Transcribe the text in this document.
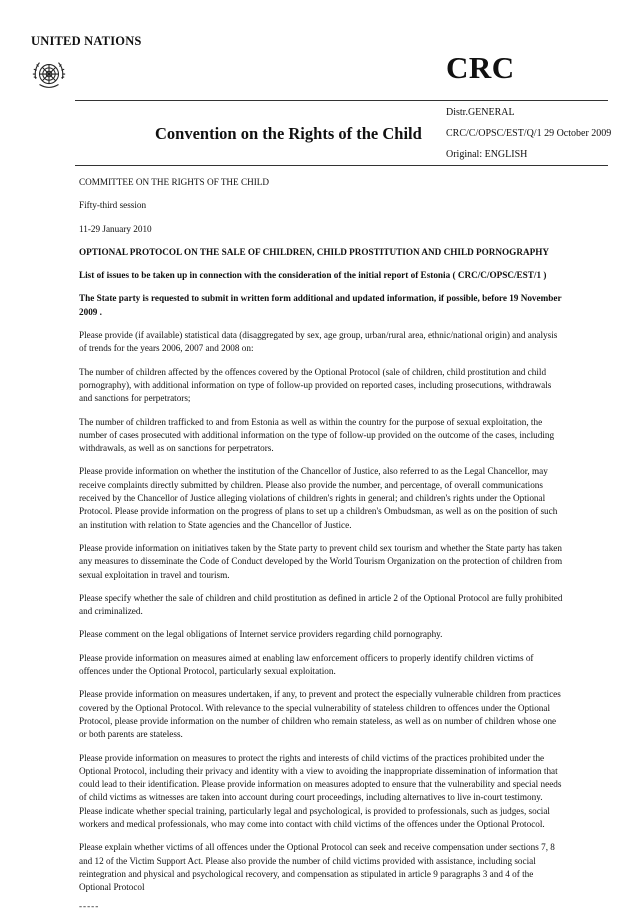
UNITED NATIONS
CRC
Convention on the Rights of the Child
Distr.GENERAL
CRC/C/OPSC/EST/Q/1 29 October 2009
Original: ENGLISH

COMMITTEE ON THE RIGHTS OF THE CHILD

Fifty-third session

11-29 January 2010

OPTIONAL PROTOCOL ON THE SALE OF CHILDREN, CHILD PROSTITUTION AND CHILD PORNOGRAPHY

List of issues to be taken up in connection with the consideration of the initial report of Estonia ( CRC/C/OPSC/EST/1 )

The State party is requested to submit in written form additional and updated information, if possible, before 19 November 2009 .

Please provide (if available) statistical data (disaggregated by sex, age group, urban/rural area, ethnic/national origin) and analysis of trends for the years 2006, 2007 and 2008 on:

The number of children affected by the offences covered by the Optional Protocol (sale of children, child prostitution and child pornography), with additional information on type of follow-up provided on reported cases, including prosecutions, withdrawals and sanctions for perpetrators;

The number of children trafficked to and from Estonia as well as within the country for the purpose of sexual exploitation, the number of cases prosecuted with additional information on the type of follow-up provided on the outcome of the cases, including withdrawals, as well as on sanctions for perpetrators.

Please provide information on whether the institution of the Chancellor of Justice, also referred to as the Legal Chancellor, may receive complaints directly submitted by children. Please also provide the number, and percentage, of overall communications received by the Chancellor of Justice alleging violations of children's rights in general; and children's rights under the Optional Protocol. Please provide information on the progress of plans to set up a children's Ombudsman, as well as on the position of such an institution with relation to State agencies and the Chancellor of Justice.

Please provide information on initiatives taken by the State party to prevent child sex tourism and whether the State party has taken any measures to disseminate the Code of Conduct developed by the World Tourism Organization on the protection of children from sexual exploitation in travel and tourism.

Please specify whether the sale of children and child prostitution as defined in article 2 of the Optional Protocol are fully prohibited and criminalized.

Please comment on the legal obligations of Internet service providers regarding child pornography.

Please provide information on measures aimed at enabling law enforcement officers to properly identify children victims of offences under the Optional Protocol, particularly sexual exploitation.

Please provide information on measures undertaken, if any, to prevent and protect the especially vulnerable children from practices covered by the Optional Protocol. With relevance to the special vulnerability of stateless children to offences under the Optional Protocol, please provide information on the number of children who remain stateless, as well as on number of children whose one or both parents are stateless.

Please provide information on measures to protect the rights and interests of child victims of the practices prohibited under the Optional Protocol, including their privacy and identity with a view to avoiding the inappropriate dissemination of information that could lead to their identification. Please provide information on measures adopted to ensure that the vulnerability and special needs of child victims as witnesses are taken into account during court proceedings, including alternatives to live in-court testimony. Please indicate whether special training, particularly legal and psychological, is provided to professionals, such as judges, social workers and medical professionals, who may come into contact with child victims of the offences under the Optional Protocol.

Please explain whether victims of all offences under the Optional Protocol can seek and receive compensation under sections 7, 8 and 12 of the Victim Support Act. Please also provide the number of child victims provided with assistance, including social reintegration and physical and psychological recovery, and compensation as stipulated in article 9 paragraphs 3 and 4 of the Optional Protocol

-----
